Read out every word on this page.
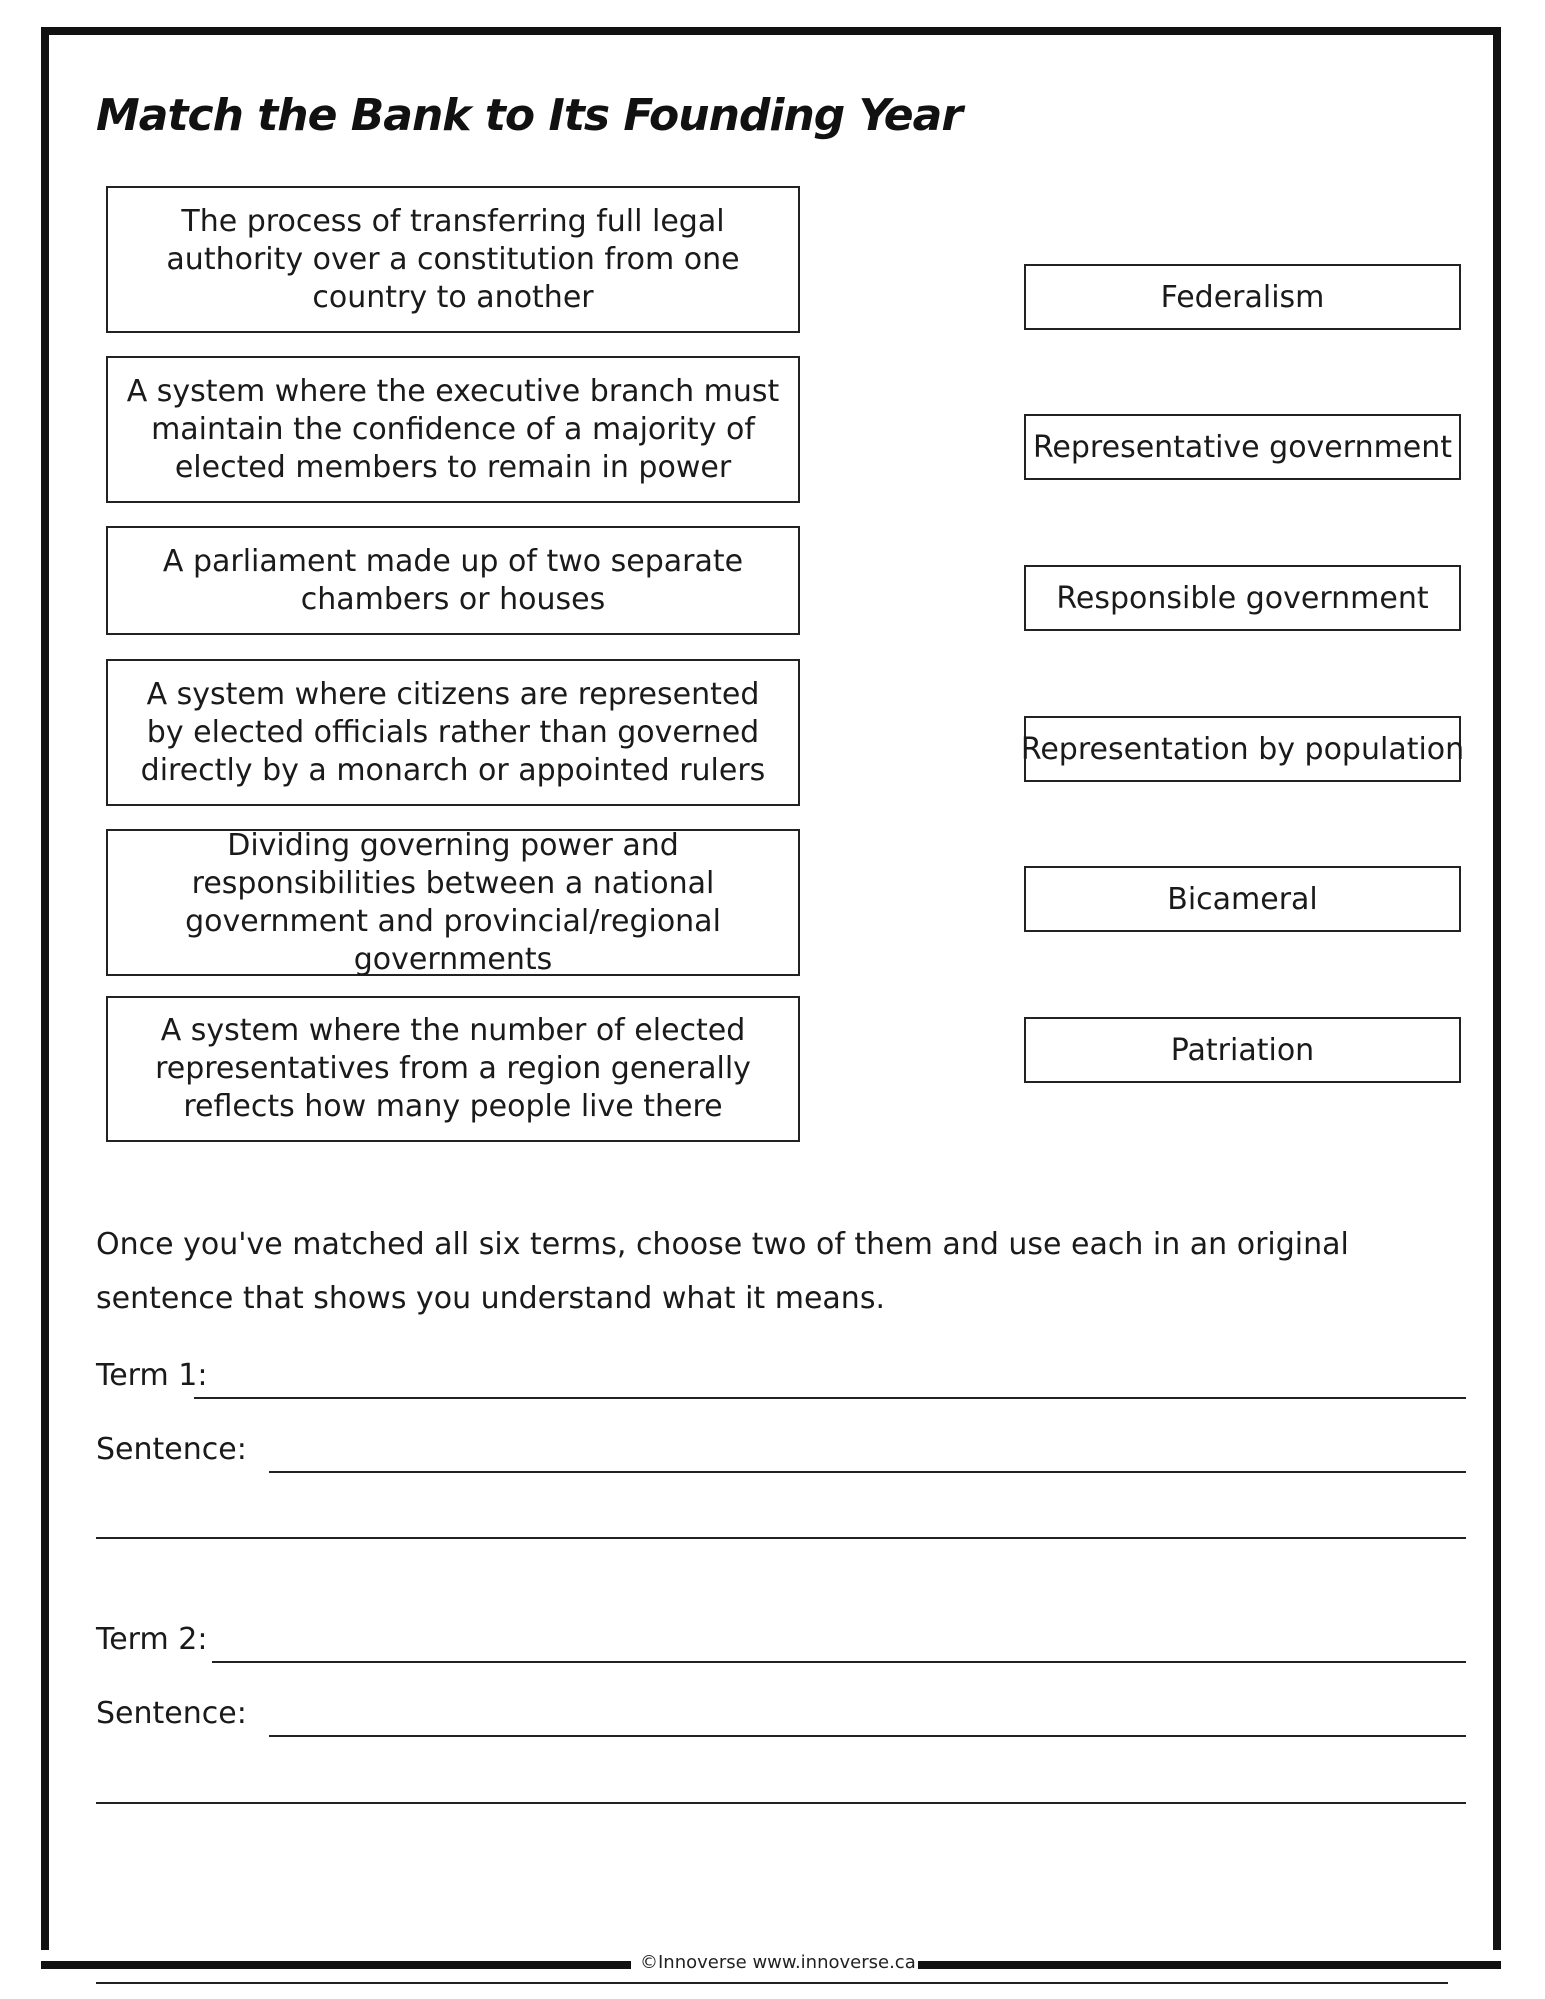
Match the Bank to Its Founding Year
The process of transferring full legal authority over a constitution from one country to another
A system where the executive branch must maintain the confidence of a majority of elected members to remain in power
A parliament made up of two separate chambers or houses
A system where citizens are represented by elected officials rather than governed directly by a monarch or appointed rulers
Dividing governing power and responsibilities between a national government and provincial/regional governments
A system where the number of elected representatives from a region generally reflects how many people live there
Federalism
Representative government
Responsible government
Representation by population
Bicameral
Patriation

Once you've matched all six terms, choose two of them and use each in an original sentence that shows you understand what it means.

Term 1:
Sentence:
Term 2:
Sentence:
©Innoverse www.innoverse.ca
